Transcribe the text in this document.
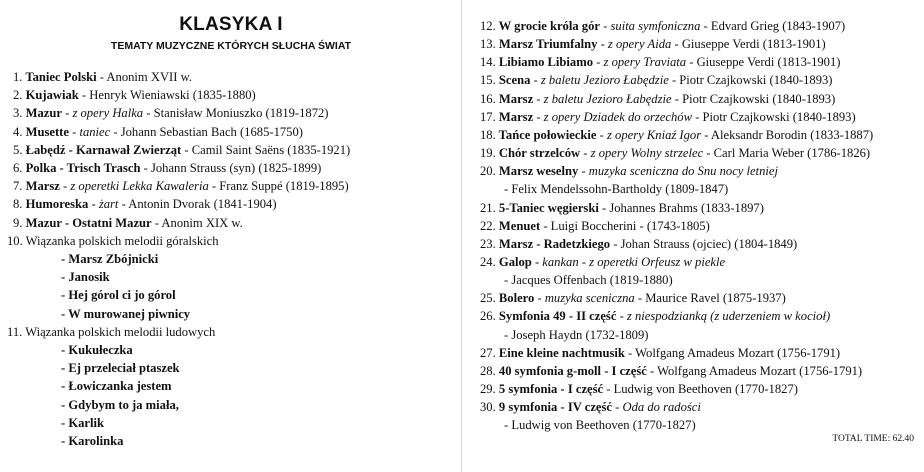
KLASYKA I
TEMATY MUZYCZNE KTÓRYCH SŁUCHA ŚWIAT
1. Taniec Polski - Anonim XVII w.
2. Kujawiak - Henryk Wieniawski (1835-1880)
3. Mazur - z opery Halka - Stanisław Moniuszko (1819-1872)
4. Musette - taniec - Johann Sebastian Bach (1685-1750)
5. Łabędź - Karnawał Zwierząt - Camil Saint Saëns (1835-1921)
6. Polka - Trisch Trasch - Johann Strauss (syn) (1825-1899)
7. Marsz - z operetki Lekka Kawaleria - Franz Suppé (1819-1895)
8. Humoreska - żart - Antonin Dvorak (1841-1904)
9. Mazur - Ostatni Mazur - Anonim XIX w.
10. Wiązanka polskich melodii góralskich
- Marsz Zbójnicki
- Janosik
- Hej górol ci jo górol
- W murowanej piwnicy
11. Wiązanka polskich melodii ludowych
- Kukułeczka
- Ej przeleciał ptaszek
- Łowiczanka jestem
- Gdybym to ja miała,
- Karlik
- Karolinka
12. W grocie króla gór - suita symfoniczna - Edvard Grieg (1843-1907)
13. Marsz Triumfalny - z opery Aida - Giuseppe Verdi (1813-1901)
14. Libiamo Libiamo - z opery Traviata - Giuseppe Verdi (1813-1901)
15. Scena - z baletu Jezioro Łabędzie - Piotr Czajkowski (1840-1893)
16. Marsz - z baletu Jezioro Łabędzie - Piotr Czajkowski (1840-1893)
17. Marsz - z opery Dziadek do orzechów - Piotr Czajkowski (1840-1893)
18. Tańce połowieckie - z opery Kniaź Igor - Aleksandr Borodin (1833-1887)
19. Chór strzelców - z opery Wolny strzelec - Carl Maria Weber (1786-1826)
20. Marsz weselny - muzyka sceniczna do Snu nocy letniej
- Felix Mendelssohn-Bartholdy (1809-1847)
21. 5-Taniec węgierski - Johannes Brahms (1833-1897)
22. Menuet - Luigi Boccherini - (1743-1805)
23. Marsz - Radetzkiego - Johan Strauss (ojciec) (1804-1849)
24. Galop - kankan - z operetki Orfeusz w piekle
- Jacques Offenbach (1819-1880)
25. Bolero - muzyka sceniczna - Maurice Ravel (1875-1937)
26. Symfonia 49 - II część - z niespodzianką (z uderzeniem w kocioł)
- Joseph Haydn (1732-1809)
27. Eine kleine nachtmusik - Wolfgang Amadeus Mozart (1756-1791)
28. 40 symfonia g-moll - I część - Wolfgang Amadeus Mozart (1756-1791)
29. 5 symfonia - I część - Ludwig von Beethoven (1770-1827)
30. 9 symfonia - IV część - Oda do radości
- Ludwig von Beethoven (1770-1827)
TOTAL TIME: 62.40
